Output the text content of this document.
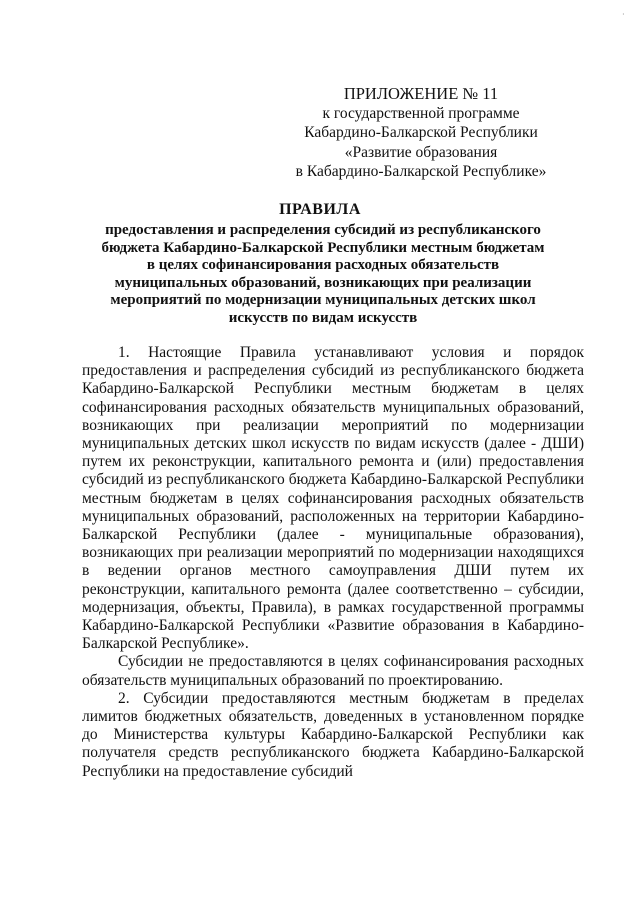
·
ПРИЛОЖЕНИЕ № 11
к государственной программе
Кабардино-Балкарской Республики
«Развитие образования
в Кабардино-Балкарской Республике»
ПРАВИЛА
предоставления и распределения субсидий из республиканского
бюджета Кабардино-Балкарской Республики местным бюджетам
в целях софинансирования расходных обязательств
муниципальных образований, возникающих при реализации
мероприятий по модернизации муниципальных детских школ
искусств по видам искусств

1. Настоящие Правила устанавливают условия и порядок предоставления и распределения субсидий из республиканского бюджета Кабардино-Балкарской Республики местным бюджетам в целях софинансирования расходных обязательств муниципальных образований, возникающих при реализации мероприятий по модернизации муниципальных детских школ искусств по видам искусств (далее - ДШИ) путем их реконструкции, капитального ремонта и (или) предоставления субсидий из республиканского бюджета Кабардино-Балкарской Республики местным бюджетам в целях софинансирования расходных обязательств муниципальных образований, расположенных на территории Кабардино-Балкарской Республики (далее - муниципальные образования), возникающих при реализации мероприятий по модернизации находящихся в ведении органов местного самоуправления ДШИ путем их реконструкции, капитального ремонта (далее соответственно – субсидии, модернизация, объекты, Правила), в рамках государственной программы Кабардино-Балкарской Республики «Развитие образования в Кабардино-Балкарской Республике».

Субсидии не предоставляются в целях софинансирования расходных обязательств муниципальных образований по проектированию.

2. Субсидии предоставляются местным бюджетам в пределах лимитов бюджетных обязательств, доведенных в установленном порядке до Министерства культуры Кабардино-Балкарской Республики как получателя средств республиканского бюджета Кабардино-Балкарской Республики на предоставление субсидий
